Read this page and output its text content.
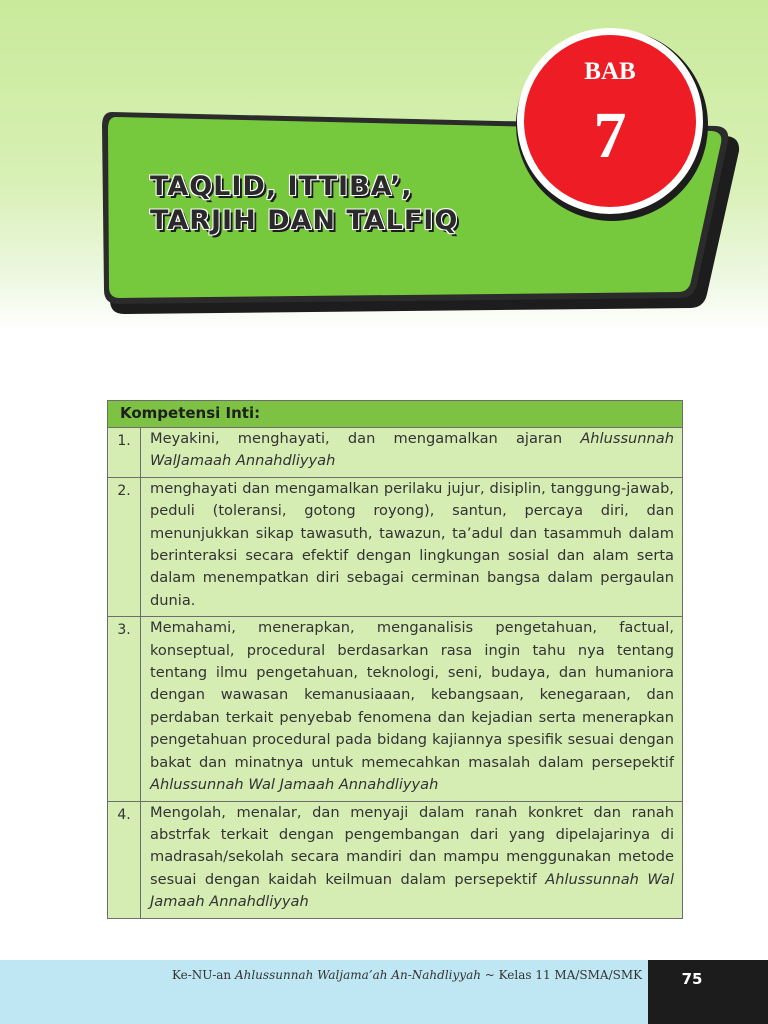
TAQLID, ITTIBA’,
TARJIH DAN TALFIQ
BAB
7
Kompetensi Inti:	
1.	Meyakini, menghayati, dan mengamalkan ajaran Ahlussunnah WalJamaah Annahdliyyah
2.	menghayati dan mengamalkan perilaku jujur, disiplin, tanggung-jawab, peduli (toleransi, gotong royong), santun, percaya diri, dan menunjukkan sikap tawasuth, tawazun, ta’adul dan tasammuh dalam berinteraksi secara efektif dengan lingkungan sosial dan alam serta dalam menempatkan diri sebagai cerminan bangsa dalam pergaulan dunia.
3.	Memahami, menerapkan, menganalisis pengetahuan, factual, konseptual, procedural berdasarkan rasa ingin tahu nya tentang tentang ilmu pengetahuan, teknologi, seni, budaya, dan humaniora dengan wawasan kemanusiaaan, kebangsaan, kenegaraan, dan perdaban terkait penyebab fenomena dan kejadian serta menerapkan pengetahuan procedural pada bidang kajiannya spesifik sesuai dengan bakat dan minatnya untuk memecahkan masalah dalam persepektif Ahlussunnah Wal Jamaah Annahdliyyah
4.	Mengolah, menalar, dan menyaji dalam ranah konkret dan ranah abstrfak terkait dengan pengembangan dari yang dipelajarinya di madrasah/sekolah secara mandiri dan mampu menggunakan metode sesuai dengan kaidah keilmuan dalam persepektif Ahlussunnah Wal Jamaah Annahdliyyah
Ke-NU-an Ahlussunnah Waljama’ah An-Nahdliyyah ~ Kelas 11 MA/SMA/SMK	75
